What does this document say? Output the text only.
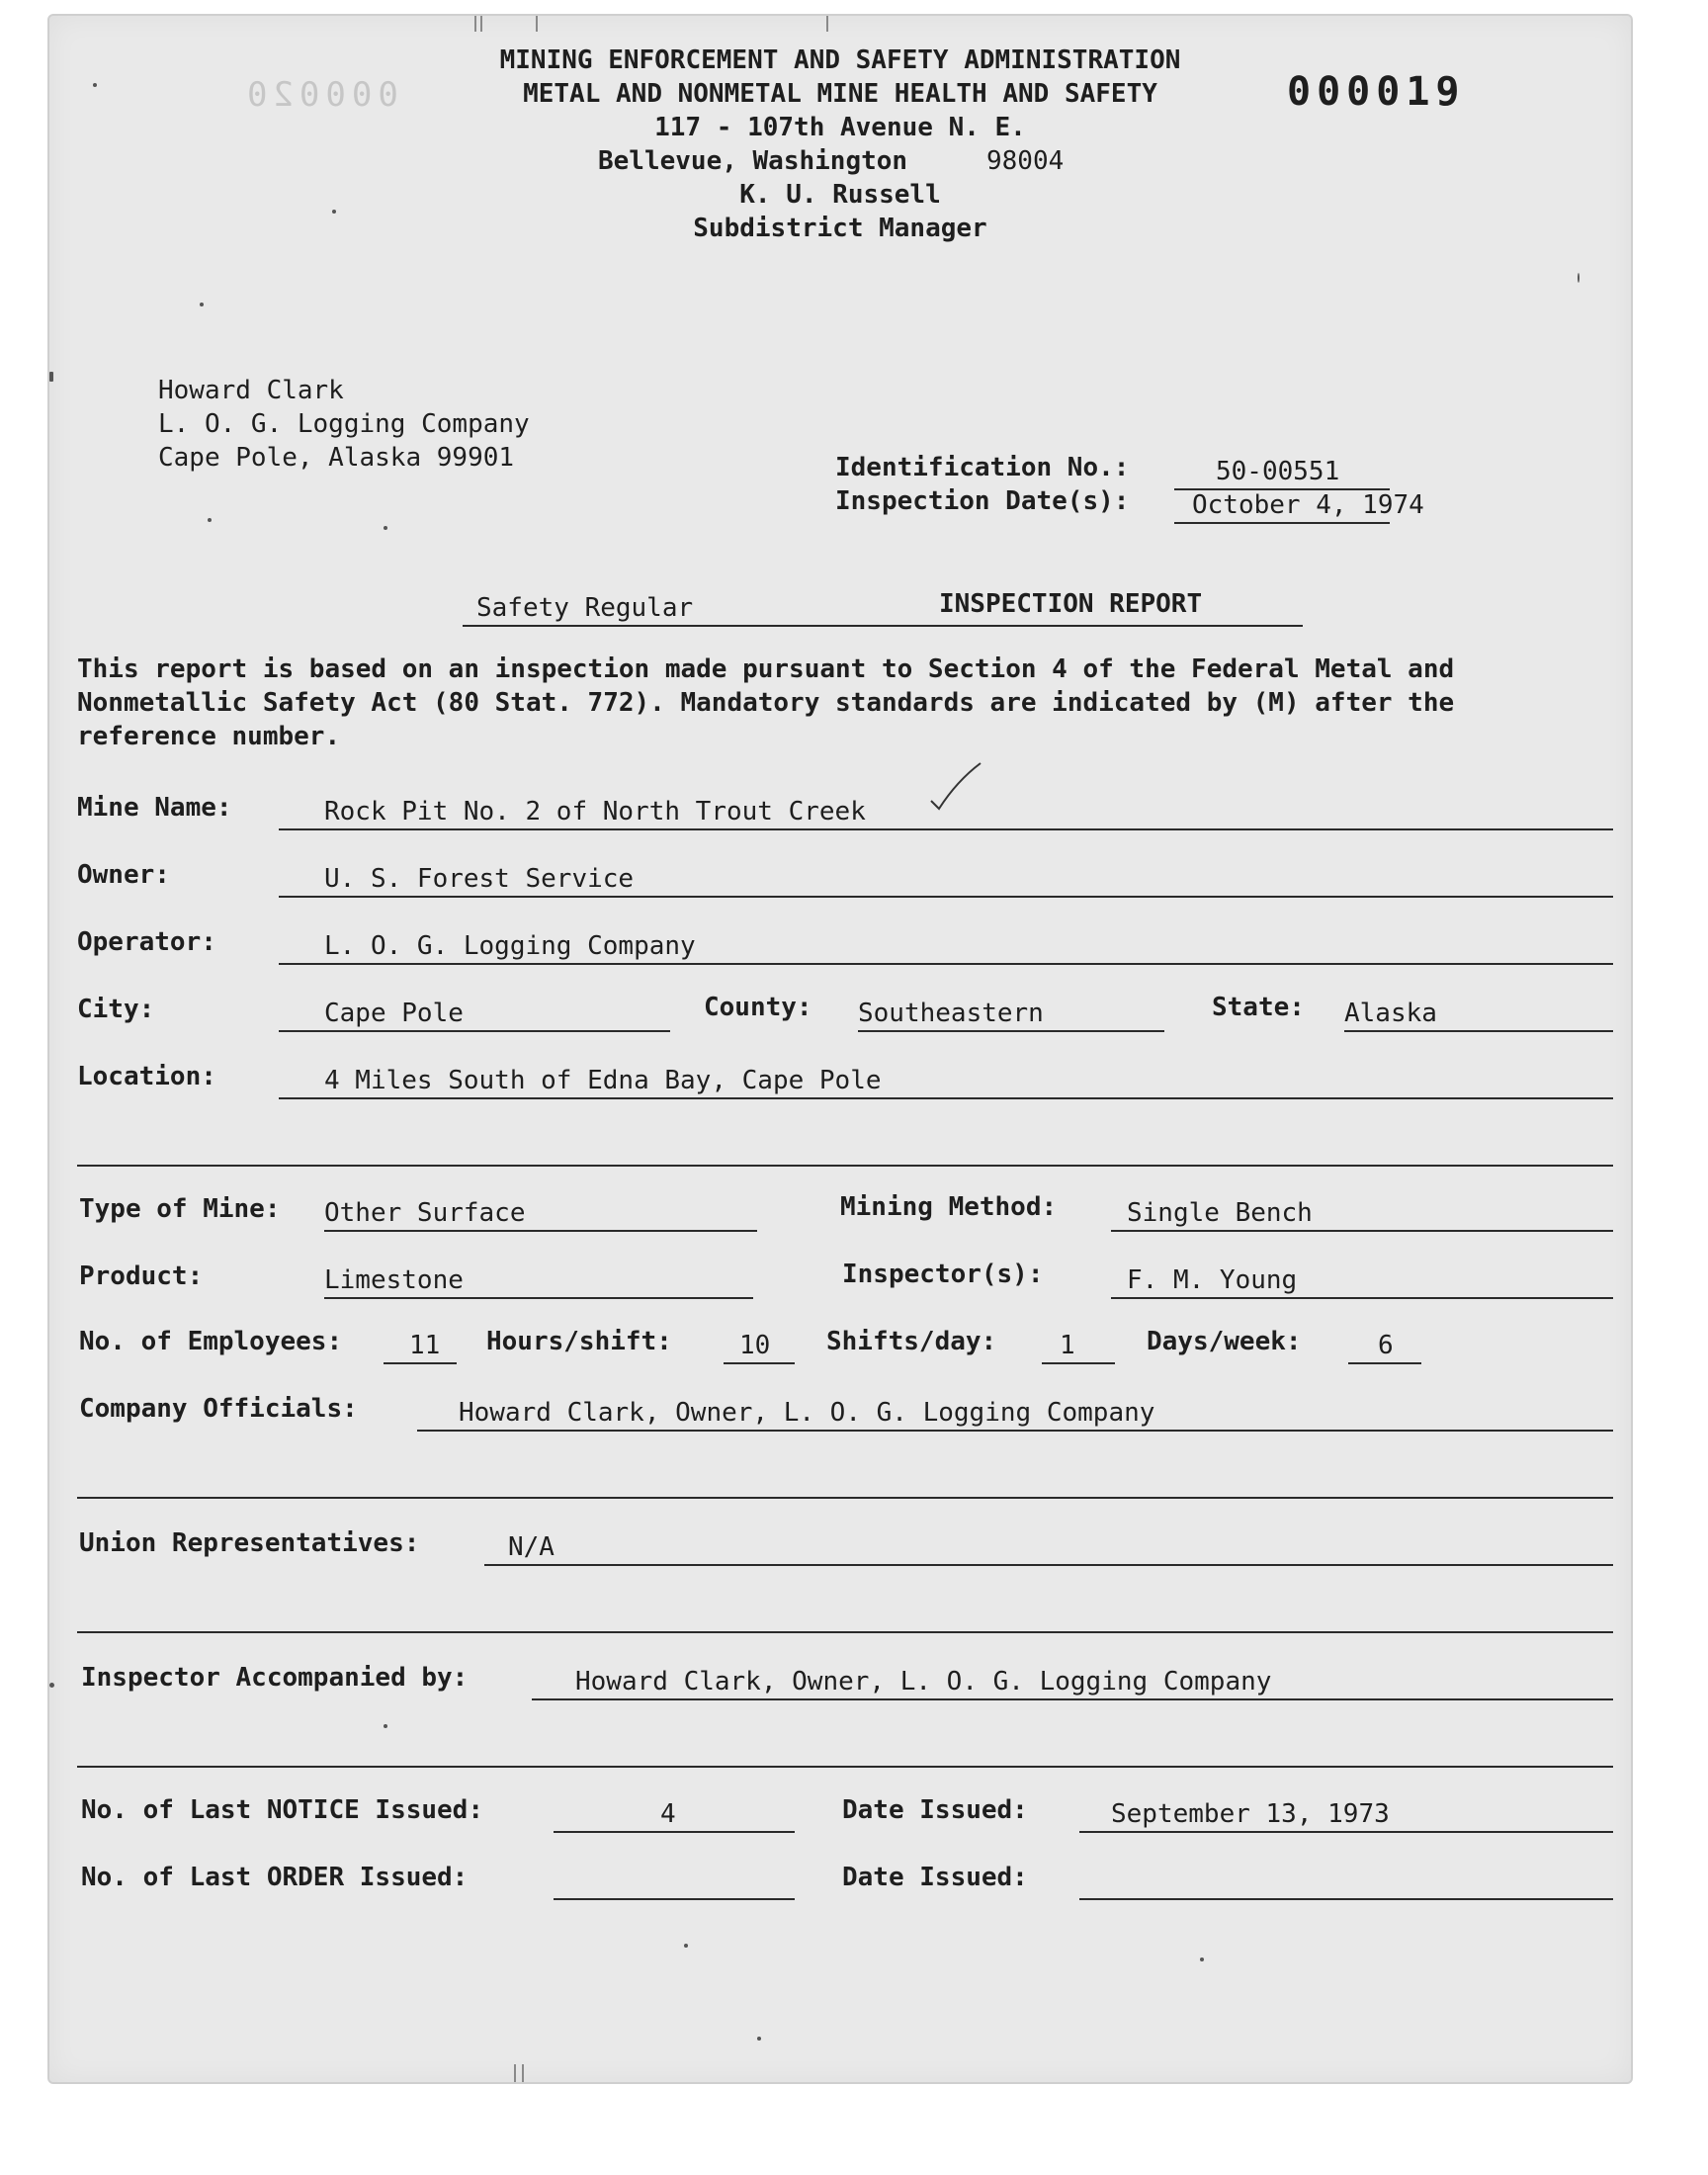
000020
MINING ENFORCEMENT AND SAFETY ADMINISTRATION
METAL AND NONMETAL MINE HEALTH AND SAFETY
117 - 107th Avenue N. E.
Bellevue, Washington	98004
K. U. Russell
Subdistrict Manager
000019
Howard Clark
L. O. G. Logging Company
Cape Pole, Alaska 99901	Identification No.:	50-00551
Inspection Date(s): October 4, 1974
Safety Regular	INSPECTION REPORT
This report is based on an inspection made pursuant to Section 4 of the Federal Metal and
Nonmetallic Safety Act (80 Stat. 772). Mandatory standards are indicated by (M) after the
reference number.
Mine Name:	Rock Pit No. 2 of North Trout Creek
Owner:	U. S. Forest Service
Operator:	L. O. G. Logging Company
City:	Cape Pole	County: Southeastern	State: Alaska
Location:	4 Miles South of Edna Bay, Cape Pole
Type of Mine: Other Surface	Mining Method:	Single Bench
Product:	Limestone	Inspector(s):	F. M. Young
No. of Employees:	11 Hours/shift:	10 Shifts/day: 1	Days/week:	6
Company Officials:	Howard Clark, Owner, L. O. G. Logging Company
Union Representatives:	N/A
Inspector Accompanied by:	Howard Clark, Owner, L. O. G. Logging Company
No. of Last NOTICE Issued:	4	Date Issued:	September 13, 1973
No. of Last ORDER Issued:	Date Issued:
